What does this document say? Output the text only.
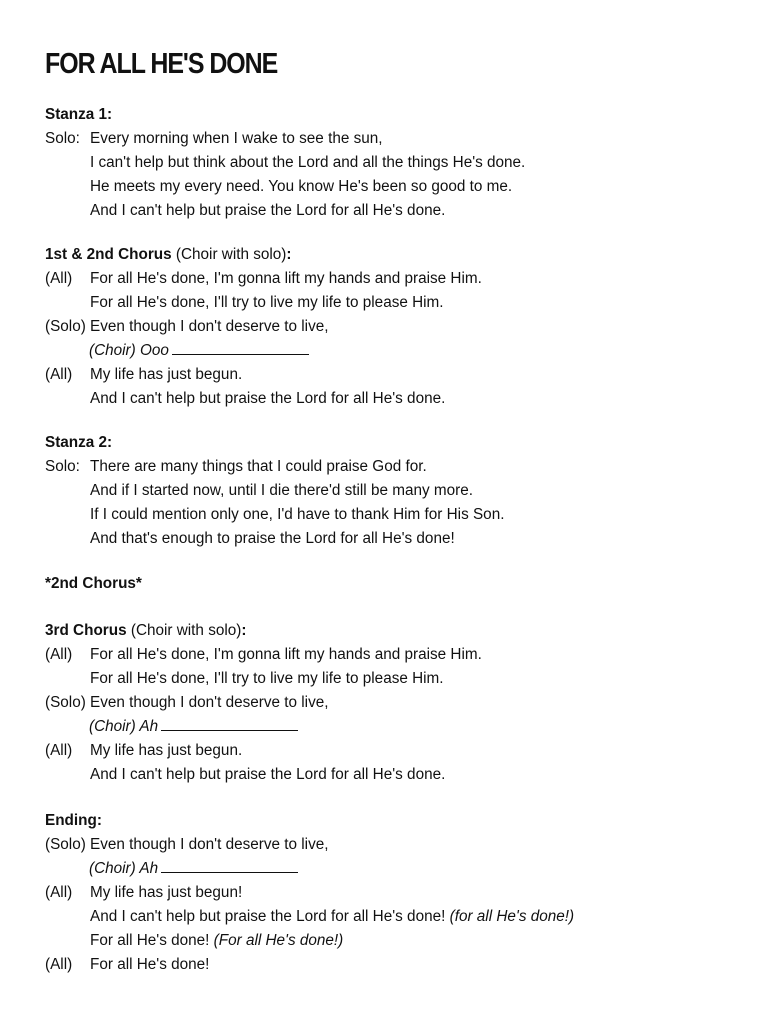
FOR ALL HE'S DONE
Stanza 1:
Solo: Every morning when I wake to see the sun,
I can't help but think about the Lord and all the things He's done.
He meets my every need. You know He's been so good to me.
And I can't help but praise the Lord for all He's done.
1st & 2nd Chorus (Choir with solo):
(All) For all He's done, I'm gonna lift my hands and praise Him.
For all He's done, I'll try to live my life to please Him.
(Solo) Even though I don't deserve to live,
(Choir) Ooo
(All) My life has just begun.
And I can't help but praise the Lord for all He's done.
Stanza 2:
Solo: There are many things that I could praise God for.
And if I started now, until I die there'd still be many more.
If I could mention only one, I'd have to thank Him for His Son.
And that's enough to praise the Lord for all He's done!
*2nd Chorus*
3rd Chorus (Choir with solo):
(All) For all He's done, I'm gonna lift my hands and praise Him.
For all He's done, I'll try to live my life to please Him.
(Solo) Even though I don't deserve to live,
(Choir) Ah
(All) My life has just begun.
And I can't help but praise the Lord for all He's done.
Ending:
(Solo) Even though I don't deserve to live,
(Choir) Ah
(All) My life has just begun!
And I can't help but praise the Lord for all He's done! (for all He's done!)
For all He's done! (For all He's done!)
(All) For all He's done!
